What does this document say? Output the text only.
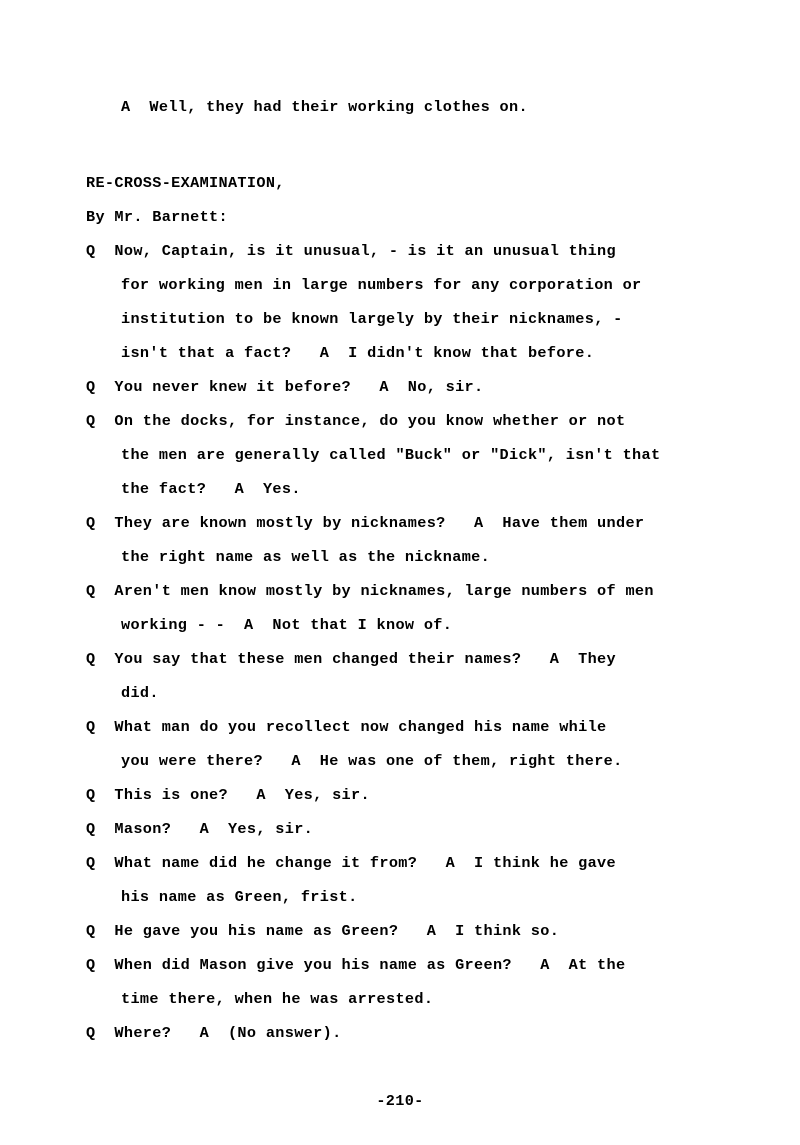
A  Well, they had their working clothes on.
RE-CROSS-EXAMINATION,
By Mr. Barnett:
Q  Now, Captain, is it unusual, - is it an unusual thing
for working men in large numbers for any corporation or
institution to be known largely by their nicknames, -
isn't that a fact?   A  I didn't know that before.
Q  You never knew it before?   A  No, sir.
Q  On the docks, for instance, do you know whether or not
the men are generally called "Buck" or "Dick", isn't that
the fact?   A  Yes.
Q  They are known mostly by nicknames?   A  Have them under
the right name as well as the nickname.
Q  Aren't men know mostly by nicknames, large numbers of men
working - -  A  Not that I know of.
Q  You say that these men changed their names?   A  They
did.
Q  What man do you recollect now changed his name while
you were there?   A  He was one of them, right there.
Q  This is one?   A  Yes, sir.
Q  Mason?   A  Yes, sir.
Q  What name did he change it from?   A  I think he gave
his name as Green, frist.
Q  He gave you his name as Green?   A  I think so.
Q  When did Mason give you his name as Green?   A  At the
time there, when he was arrested.
Q  Where?   A  (No answer).
-210-
